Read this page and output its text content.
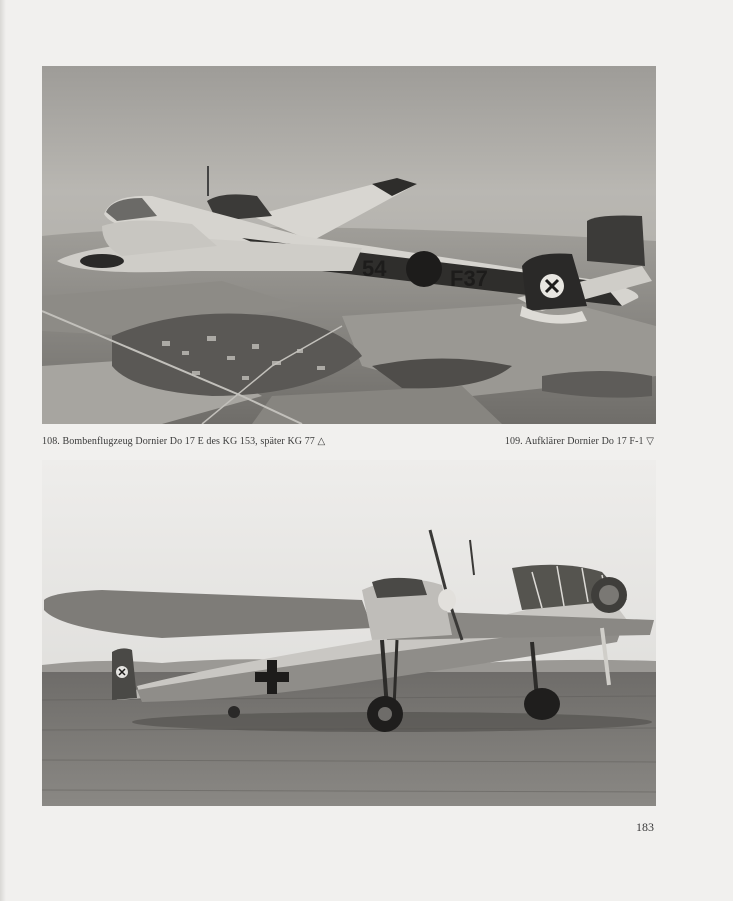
54	F37
108. Bombenflugzeug Dornier Do 17 E des KG 153, später KG 77 △	109. Aufklärer Dornier Do 17 F-1 ▽
183
